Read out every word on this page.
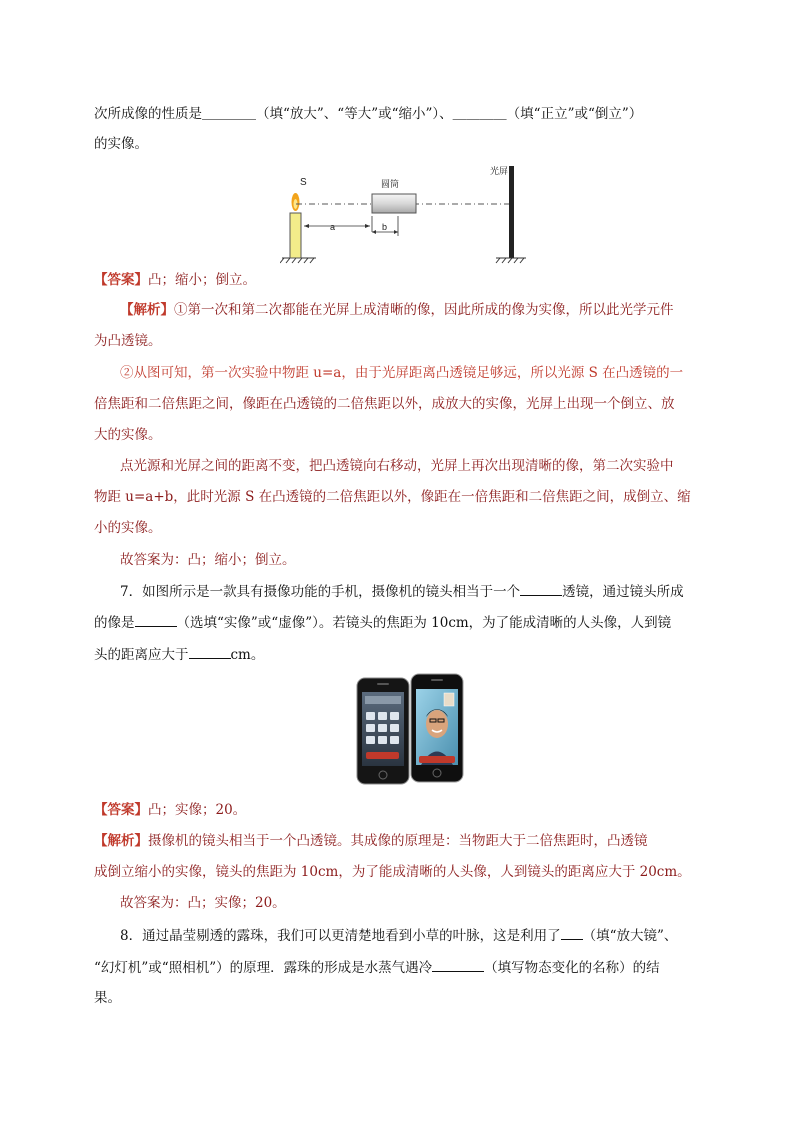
次所成像的性质是＿＿＿＿（填“放大”、“等大”或“缩小”）、＿＿＿＿（填“正立”或“倒立”）
的实像。
S	圆筒
a	b
光屏
【答案】凸；缩小；倒立。
【解析】①第一次和第二次都能在光屏上成清晰的像，因此所成的像为实像，所以此光学元件
为凸透镜。
②从图可知，第一次实验中物距 u=a，由于光屏距离凸透镜足够远，所以光源 S 在凸透镜的一
倍焦距和二倍焦距之间，像距在凸透镜的二倍焦距以外，成放大的实像，光屏上出现一个倒立、放
大的实像。
点光源和光屏之间的距离不变，把凸透镜向右移动，光屏上再次出现清晰的像，第二次实验中
物距 u=a+b，此时光源 S 在凸透镜的二倍焦距以外，像距在一倍焦距和二倍焦距之间，成倒立、缩
小的实像。
故答案为：凸；缩小；倒立。
7．如图所示是一款具有摄像功能的手机，摄像机的镜头相当于一个	透镜，通过镜头所成
的像是	（选填“实像”或“虚像”）。若镜头的焦距为 10cm，为了能成清晰的人头像，人到镜
头的距离应大于	cm。
【答案】凸；实像；20。
【解析】摄像机的镜头相当于一个凸透镜。其成像的原理是：当物距大于二倍焦距时，凸透镜
成倒立缩小的实像，镜头的焦距为 10cm，为了能成清晰的人头像，人到镜头的距离应大于 20cm。
故答案为：凸；实像；20。
8．通过晶莹剔透的露珠，我们可以更清楚地看到小草的叶脉，这是利用了 （填“放大镜”、
“幻灯机”或“照相机”）的原理．露珠的形成是水蒸气遇冷	（填写物态变化的名称）的结
果。
